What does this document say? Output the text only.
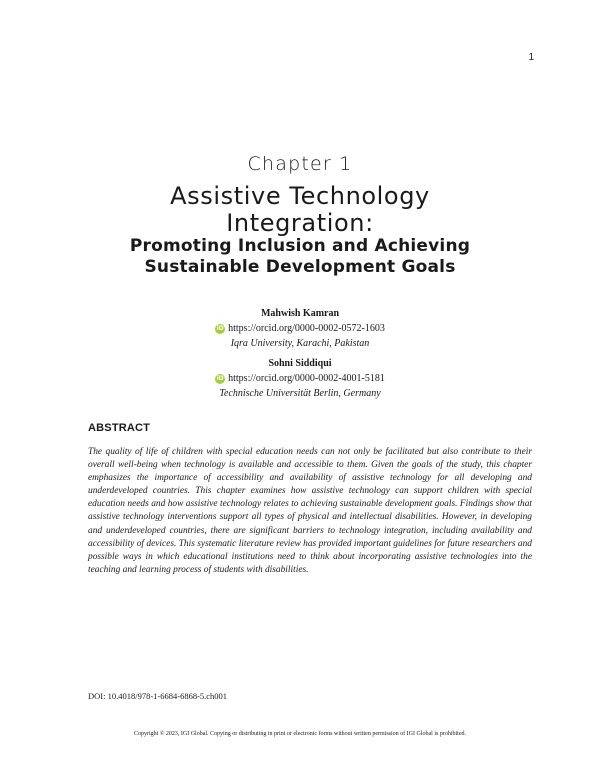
1
Chapter 1
Assistive Technology
Integration:
Promoting Inclusion and Achieving
Sustainable Development Goals
Mahwish Kamran
iD https://orcid.org/0000-0002-0572-1603
Iqra University, Karachi, Pakistan
Sohni Siddiqui
iD https://orcid.org/0000-0002-4001-5181
Technische Universität Berlin, Germany
ABSTRACT

The quality of life of children with special education needs can not only be facilitated but also contribute to their overall well-being when technology is available and accessible to them. Given the goals of the study, this chapter emphasizes the importance of accessibility and availability of assistive technology for all developing and underdeveloped countries. This chapter examines how assistive technology can support children with special education needs and how assistive technology relates to achieving sustainable development goals. Findings show that assistive technology interventions support all types of physical and intellectual disabilities. However, in developing and underdeveloped countries, there are significant barriers to technology integration, including availability and accessibility of devices. This systematic literature review has provided important guidelines for future researchers and possible ways in which educational institutions need to think about incorporating assistive technologies into the teaching and learning process of students with disabilities.

DOI: 10.4018/978-1-6684-6868-5.ch001
Copyright © 2023, IGI Global. Copying or distributing in print or electronic forms without written permission of IGI Global is prohibited.
